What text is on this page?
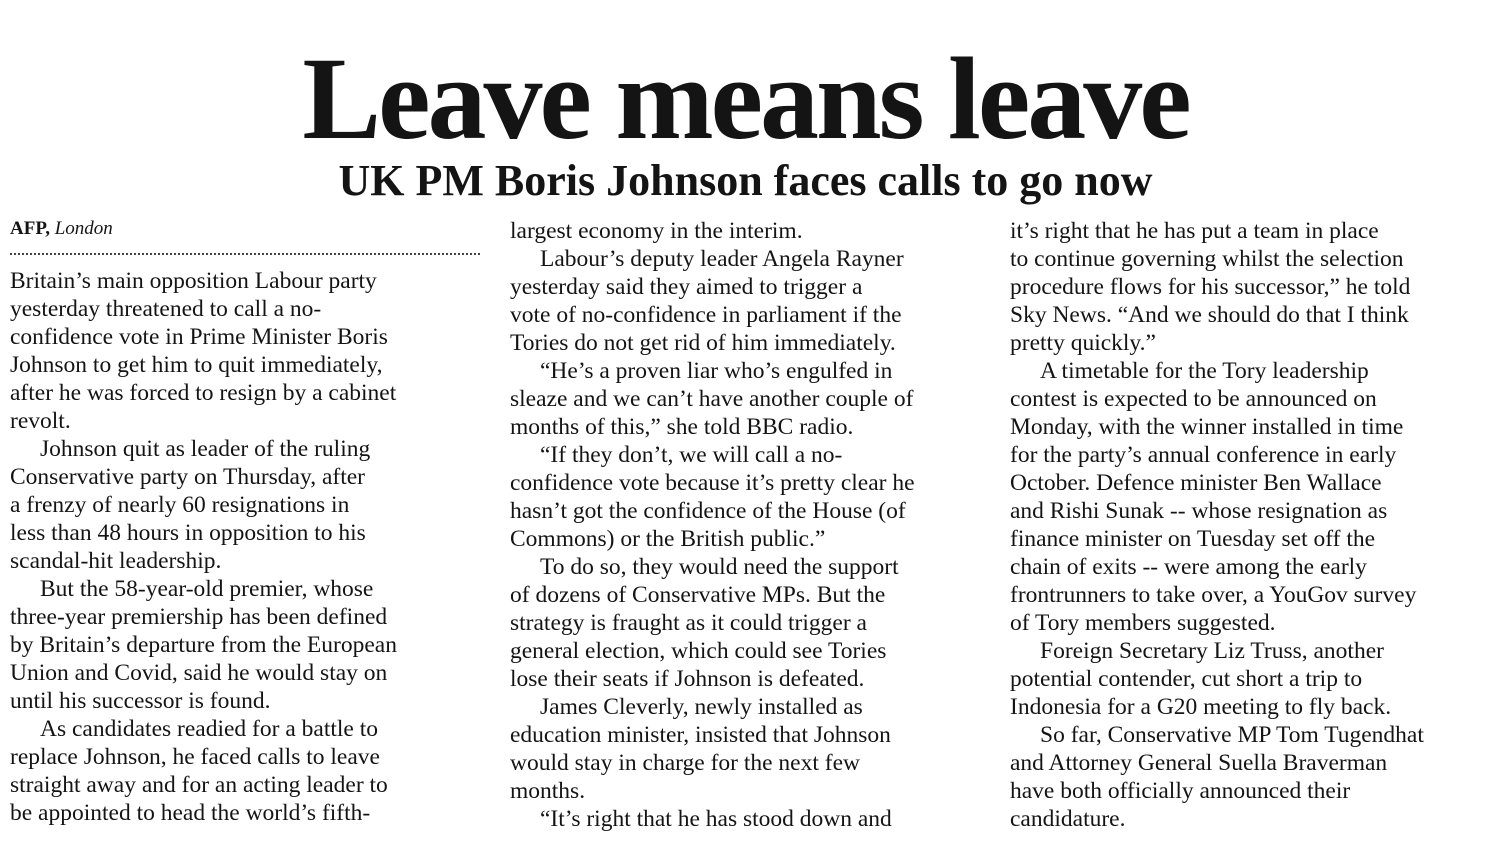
Leave means leave
UK PM Boris Johnson faces calls to go now
AFP, London
Britain’s main opposition Labour party
yesterday threatened to call a no-
confidence vote in Prime Minister Boris
Johnson to get him to quit immediately,
after he was forced to resign by a cabinet
revolt.
Johnson quit as leader of the ruling
Conservative party on Thursday, after
a frenzy of nearly 60 resignations in
less than 48 hours in opposition to his
scandal-hit leadership.
But the 58-year-old premier, whose
three-year premiership has been defined
by Britain’s departure from the European
Union and Covid, said he would stay on
until his successor is found.
As candidates readied for a battle to
replace Johnson, he faced calls to leave
straight away and for an acting leader to
be appointed to head the world’s fifth-
largest economy in the interim.
Labour’s deputy leader Angela Rayner
yesterday said they aimed to trigger a
vote of no-confidence in parliament if the
Tories do not get rid of him immediately.
“He’s a proven liar who’s engulfed in
sleaze and we can’t have another couple of
months of this,” she told BBC radio.
“If they don’t, we will call a no-
confidence vote because it’s pretty clear he
hasn’t got the confidence of the House (of
Commons) or the British public.”
To do so, they would need the support
of dozens of Conservative MPs. But the
strategy is fraught as it could trigger a
general election, which could see Tories
lose their seats if Johnson is defeated.
James Cleverly, newly installed as
education minister, insisted that Johnson
would stay in charge for the next few
months.
“It’s right that he has stood down and
it’s right that he has put a team in place
to continue governing whilst the selection
procedure flows for his successor,” he told
Sky News. “And we should do that I think
pretty quickly.”
A timetable for the Tory leadership
contest is expected to be announced on
Monday, with the winner installed in time
for the party’s annual conference in early
October. Defence minister Ben Wallace
and Rishi Sunak -- whose resignation as
finance minister on Tuesday set off the
chain of exits -- were among the early
frontrunners to take over, a YouGov survey
of Tory members suggested.
Foreign Secretary Liz Truss, another
potential contender, cut short a trip to
Indonesia for a G20 meeting to fly back.
So far, Conservative MP Tom Tugendhat
and Attorney General Suella Braverman
have both officially announced their
candidature.
